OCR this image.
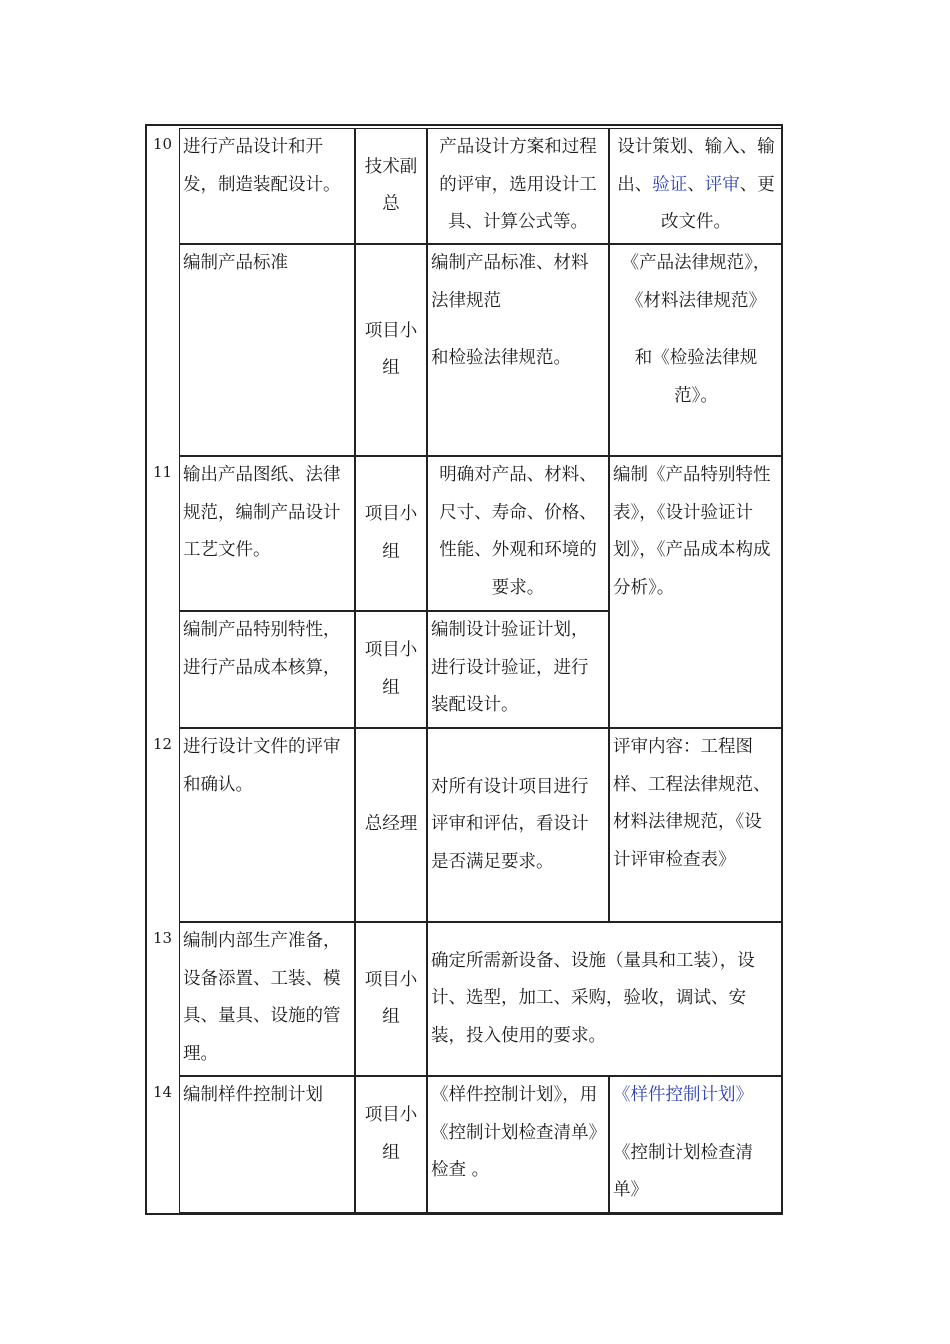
10 进行产品设计和开发，制造装配设计。
技术副总
产品设计方案和过程的评审，选用设计工具、计算公式等。
设计策划、输入、输出、验证、评审、更改文件。
编制产品标准
项目小组

编制产品标准、材料法律规范

和检验法律规范。

《产品法律规范》，《材料法律规范》

和《检验法律规范》。

11 输出产品图纸、法律规范，编制产品设计工艺文件。
项目小组
明确对产品、材料、尺寸、寿命、价格、性能、外观和环境的要求。
编制《产品特别特性表》，《设计验证计划》，《产品成本构成分析》。
编制产品特别特性，进行产品成本核算，
项目小组
编制设计验证计划，进行设计验证，进行装配设计。
12 进行设计文件的评审和确认。
总经理
对所有设计项目进行评审和评估，看设计是否满足要求。
评审内容：工程图样、工程法律规范、材料法律规范，《设计评审检查表》
13 编制内部生产准备，设备添置、工装、模具、量具、设施的管理。
项目小组
确定所需新设备、设施（量具和工装），设计、选型，加工、采购，验收，调试、安装，投入使用的要求。
14 编制样件控制计划
项目小组
《样件控制计划》，用《控制计划检查清单》检查 。

《样件控制计划》

《控制计划检查清单》
